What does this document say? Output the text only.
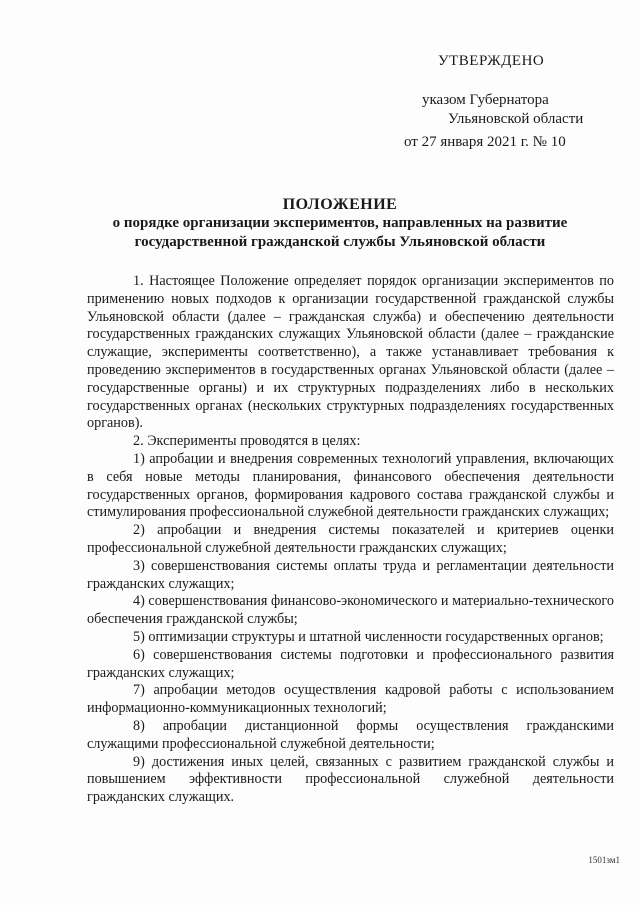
УТВЕРЖДЕНО
указом Губернатора
Ульяновской области
от 27 января 2021 г. № 10
ПОЛОЖЕНИЕ
о порядке организации экспериментов, направленных на развитие
государственной гражданской службы Ульяновской области

1. Настоящее Положение определяет порядок организации экспериментов по применению новых подходов к организации государственной гражданской службы Ульяновской области (далее – гражданская служба) и обеспечению деятельности государственных гражданских служащих Ульяновской области (далее – гражданские служащие, эксперименты соответственно), а также устанавливает требования к проведению экспериментов в государственных органах Ульяновской области (далее – государственные органы) и их структурных подразделениях либо в нескольких государственных органах (нескольких структурных подразделениях государственных органов).

2. Эксперименты проводятся в целях:

1) апробации и внедрения современных технологий управления, включающих в себя новые методы планирования, финансового обеспечения деятельности государственных органов, формирования кадрового состава гражданской службы и стимулирования профессиональной служебной деятельности гражданских служащих;

2) апробации и внедрения системы показателей и критериев оценки профессиональной служебной деятельности гражданских служащих;

3) совершенствования системы оплаты труда и регламентации деятельности гражданских служащих;

4) совершенствования финансово-экономического и материально-технического обеспечения гражданской службы;

5) оптимизации структуры и штатной численности государственных органов;

6) совершенствования системы подготовки и профессионального развития гражданских служащих;

7) апробации методов осуществления кадровой работы с использованием информационно-коммуникационных технологий;

8) апробации дистанционной формы осуществления гражданскими служащими профессиональной служебной деятельности;

9) достижения иных целей, связанных с развитием гражданской службы и повышением эффективности профессиональной служебной деятельности гражданских служащих.

1501зм1
